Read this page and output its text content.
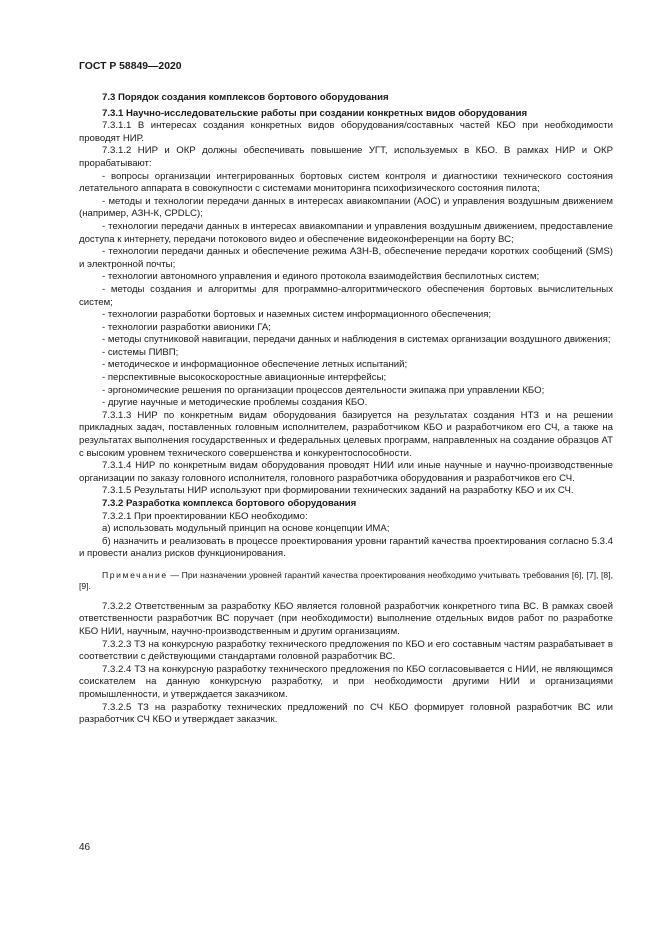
ГОСТ Р 58849—2020

7.3 Порядок создания комплексов бортового оборудования

7.3.1 Научно-исследовательские работы при создании конкретных видов оборудования

7.3.1.1 В интересах создания конкретных видов оборудования/составных частей КБО при необходимости проводят НИР.

7.3.1.2 НИР и ОКР должны обеспечивать повышение УГТ, используемых в КБО. В рамках НИР и ОКР прорабатывают:

- вопросы организации интегрированных бортовых систем контроля и диагностики технического состояния летательного аппарата в совокупности с системами мониторинга психофизического состояния пилота;

- методы и технологии передачи данных в интересах авиакомпании (АОС) и управления воздушным движением (например, АЗН-К, CPDLC);

- технологии передачи данных в интересах авиакомпании и управления воздушным движением, предоставление доступа к интернету, передачи потокового видео и обеспечение видеоконференции на борту ВС;

- технологии передачи данных и обеспечение режима АЗН-В, обеспечение передачи коротких сообщений (SMS) и электронной почты;

- технологии автономного управления и единого протокола взаимодействия беспилотных систем;

- методы создания и алгоритмы для программно-алгоритмического обеспечения бортовых вычислительных систем;

- технологии разработки бортовых и наземных систем информационного обеспечения;

- технологии разработки авионики ГА;

- методы спутниковой навигации, передачи данных и наблюдения в системах организации воздушного движения;

- системы ПИВП;

- методическое и информационное обеспечение летных испытаний;

- перспективные высокоскоростные авиационные интерфейсы;

- эргономические решения по организации процессов деятельности экипажа при управлении КБО;

- другие научные и методические проблемы создания КБО.

7.3.1.3 НИР по конкретным видам оборудования базируется на результатах создания НТЗ и на решении прикладных задач, поставленных головным исполнителем, разработчиком КБО и разработчиком его СЧ, а также на результатах выполнения государственных и федеральных целевых программ, направленных на создание образцов АТ с высоким уровнем технического совершенства и конкурентоспособности.

7.3.1.4 НИР по конкретным видам оборудования проводят НИИ или иные научные и научно-производственные организации по заказу головного исполнителя, головного разработчика оборудования и разработчиков его СЧ.

7.3.1.5 Результаты НИР используют при формировании технических заданий на разработку КБО и их СЧ.

7.3.2 Разработка комплекса бортового оборудования

7.3.2.1 При проектировании КБО необходимо:

а) использовать модульный принцип на основе концепции ИМА;

б) назначить и реализовать в процессе проектирования уровни гарантий качества проектирования согласно 5.3.4 и провести анализ рисков функционирования.

Примечание — При назначении уровней гарантий качества проектирования необходимо учитывать требования [6], [7], [8], [9].

7.3.2.2 Ответственным за разработку КБО является головной разработчик конкретного типа ВС. В рамках своей ответственности разработчик ВС поручает (при необходимости) выполнение отдельных видов работ по разработке КБО НИИ, научным, научно-производственным и другим организациям.

7.3.2.3 ТЗ на конкурсную разработку технического предложения по КБО и его составным частям разрабатывает в соответствии с действующими стандартами головной разработчик ВС.

7.3.2.4 ТЗ на конкурсную разработку технического предложения по КБО согласовывается с НИИ, не являющимся соискателем на данную конкурсную разработку, и при необходимости другими НИИ и организациями промышленности, и утверждается заказчиком.

7.3.2.5 ТЗ на разработку технических предложений по СЧ КБО формирует головной разработчик ВС или разработчик СЧ КБО и утверждает заказчик.

46
